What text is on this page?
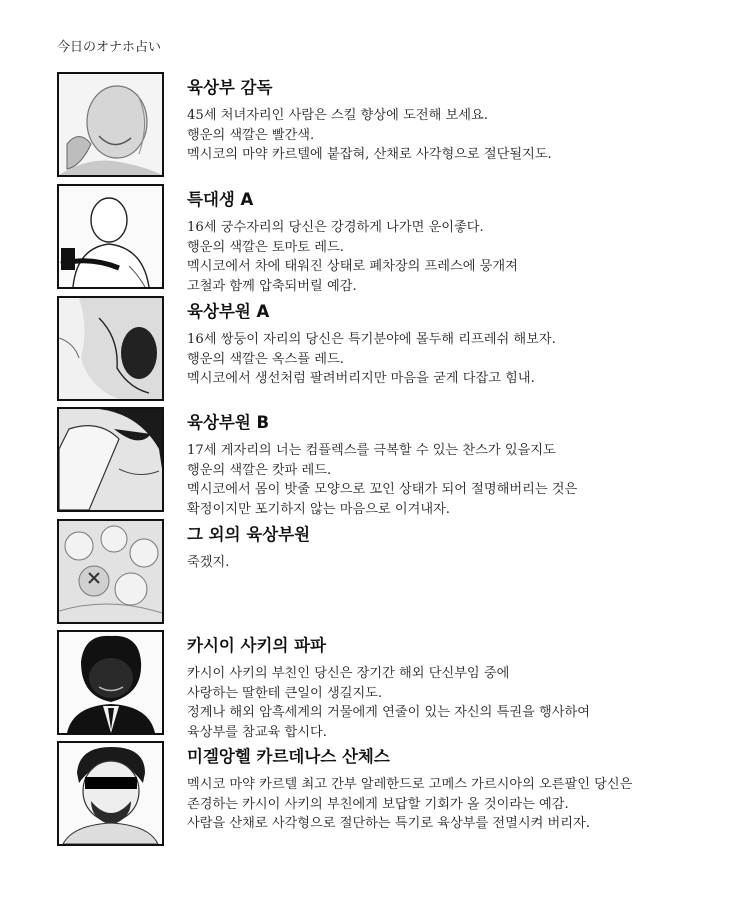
今日のオナホ占い
육상부 감독
45세 처녀자리인 사람은 스킬 향상에 도전해 보세요.
행운의 색깔은 빨간색.
멕시코의 마약 카르텔에 붙잡혀, 산채로 사각형으로 절단될지도.
특대생 A
16세 궁수자리의 당신은 강경하게 나가면 운이좋다.
행운의 색깔은 토마토 레드.
멕시코에서 차에 태워진 상태로 폐차장의 프레스에 뭉개져
고철과 함께 압축되버릴 예감.
육상부원 A
16세 쌍둥이 자리의 당신은 특기분야에 몰두해 리프레쉬 해보자.
행운의 색깔은 옥스플 레드.
멕시코에서 생선처럼 팔려버리지만 마음을 굳게 다잡고 힘내.
육상부원 B
17세 게자리의 너는 컴플렉스를 극복할 수 있는 찬스가 있을지도
행운의 색깔은 캇파 레드.
멕시코에서 몸이 밧줄 모양으로 꼬인 상태가 되어 절명해버리는 것은
확정이지만 포기하지 않는 마음으로 이겨내자.
그 외의 육상부원
죽겠지.
카시이 사키의 파파
카시이 사키의 부친인 당신은 장기간 해외 단신부임 중에
사랑하는 딸한테 큰일이 생길지도.
정계나 해외 암흑세계의 거물에게 연줄이 있는 자신의 특권을 행사하여
육상부를 참교육 합시다.
미겔앙헬 카르데나스 산체스
멕시코 마약 카르텔 최고 간부 알레한드로 고메스 가르시아의 오른팔인 당신은
존경하는 카시이 사키의 부친에게 보답할 기회가 올 것이라는 예감.
사람을 산채로 사각형으로 절단하는 특기로 육상부를 전멸시켜 버리자.
